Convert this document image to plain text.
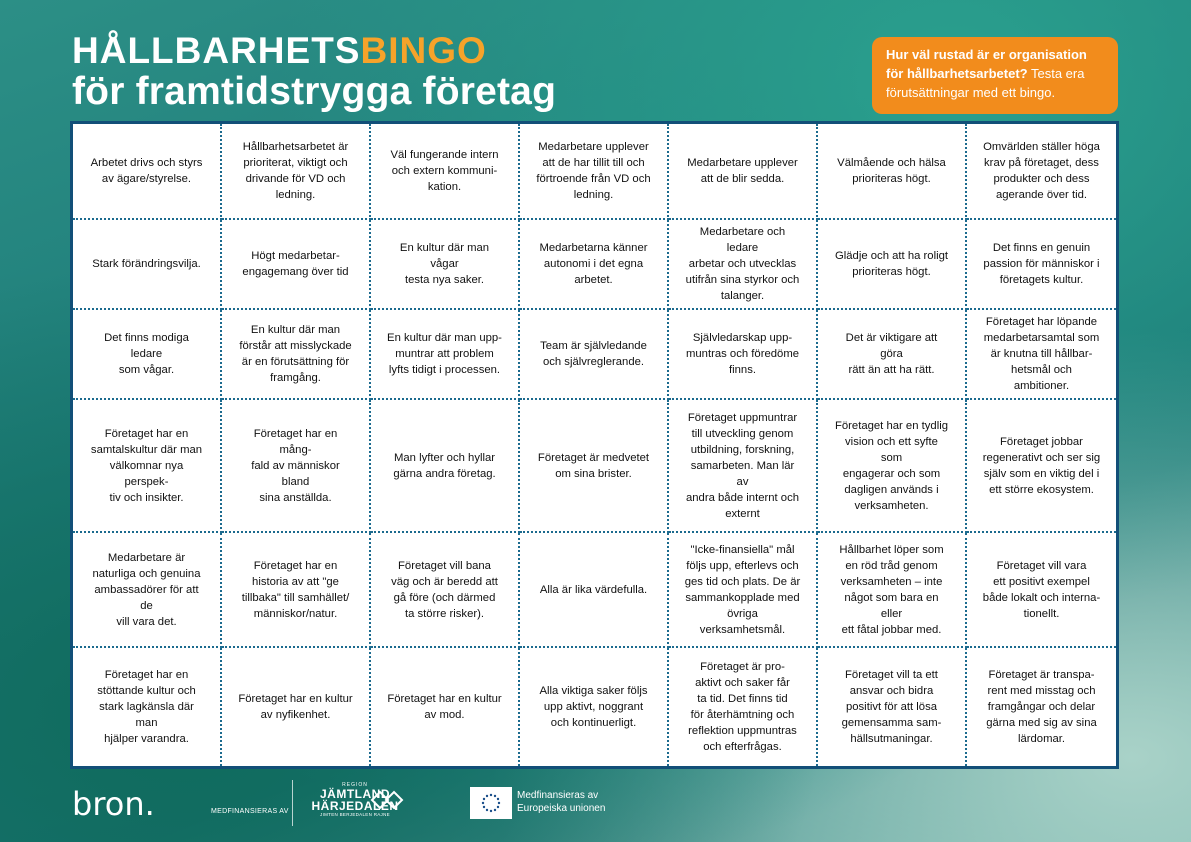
HÅLLBARHETSBINGO
för framtidstrygga företag
Hur väl rustad är er organisation för hållbarhetsarbetet? Testa era förutsättningar med ett bingo.
Arbetet drivs och styrs
av ägare/styrelse.
Hållbarhetsarbetet är
prioriterat, viktigt och
drivande för VD och
ledning.
Väl fungerande intern
och extern kommuni-
kation.
Medarbetare upplever
att de har tillit till och
förtroende från VD och
ledning.
Medarbetare upplever
att de blir sedda.
Välmående och hälsa
prioriteras högt.
Omvärlden ställer höga
krav på företaget, dess
produkter och dess
agerande över tid.
Stark förändringsvilja.
Högt medarbetar-
engagemang över tid
En kultur där man vågar
testa nya saker.
Medarbetarna känner
autonomi i det egna
arbetet.
Medarbetare och ledare
arbetar och utvecklas
utifrån sina styrkor och
talanger.
Glädje och att ha roligt
prioriteras högt.
Det finns en genuin
passion för människor i
företagets kultur.
Det finns modiga ledare
som vågar.
En kultur där man
förstår att misslyckade
är en förutsättning för
framgång.
En kultur där man upp-
muntrar att problem
lyfts tidigt i processen.
Team är självledande
och självreglerande.
Självledarskap upp-
muntras och föredöme
finns.
Det är viktigare att göra
rätt än att ha rätt.
Företaget har löpande
medarbetarsamtal som
är knutna till hållbar-
hetsmål och ambitioner.
Företaget har en
samtalskultur där man
välkomnar nya perspek-
tiv och insikter.
Företaget har en mång-
fald av människor bland
sina anställda.
Man lyfter och hyllar
gärna andra företag.
Företaget är medvetet
om sina brister.
Företaget uppmuntrar
till utveckling genom
utbildning, forskning,
samarbeten. Man lär av
andra både internt och
externt
Företaget har en tydlig
vision och ett syfte som
engagerar och som
dagligen används i
verksamheten.
Företaget jobbar
regenerativt och ser sig
själv som en viktig del i
ett större ekosystem.
Medarbetare är
naturliga och genuina
ambassadörer för att de
vill vara det.
Företaget har en
historia av att "ge
tillbaka" till samhället/
människor/natur.
Företaget vill bana
väg och är beredd att
gå före (och därmed
ta större risker).
Alla är lika värdefulla.
"Icke-finansiella" mål
följs upp, efterlevs och
ges tid och plats. De är
sammankopplade med
övriga verksamhetsmål.
Hållbarhet löper som
en röd tråd genom
verksamheten – inte
något som bara en eller
ett fåtal jobbar med.
Företaget vill vara
ett positivt exempel
både lokalt och interna-
tionellt.
Företaget har en
stöttande kultur och
stark lagkänsla där man
hjälper varandra.
Företaget har en kultur
av nyfikenhet.
Företaget har en kultur
av mod.
Alla viktiga saker följs
upp aktivt, noggrant
och kontinuerligt.
Företaget är pro-
aktivt och saker får
ta tid. Det finns tid
för återhämtning och
reflektion uppmuntras
och efterfrågas.
Företaget vill ta ett
ansvar och bidra
positivt för att lösa
gemensamma sam-
hällsutmaningar.
Företaget är transpa-
rent med misstag och
framgångar och delar
gärna med sig av sina
lärdomar.
bron.	MEDFINANSIERAS AV
REGION
JÄMTLAND
HÄRJEDALEN
JIMTEN BERJEDALEN RAJNE
Medfinansieras av
Europeiska unionen
